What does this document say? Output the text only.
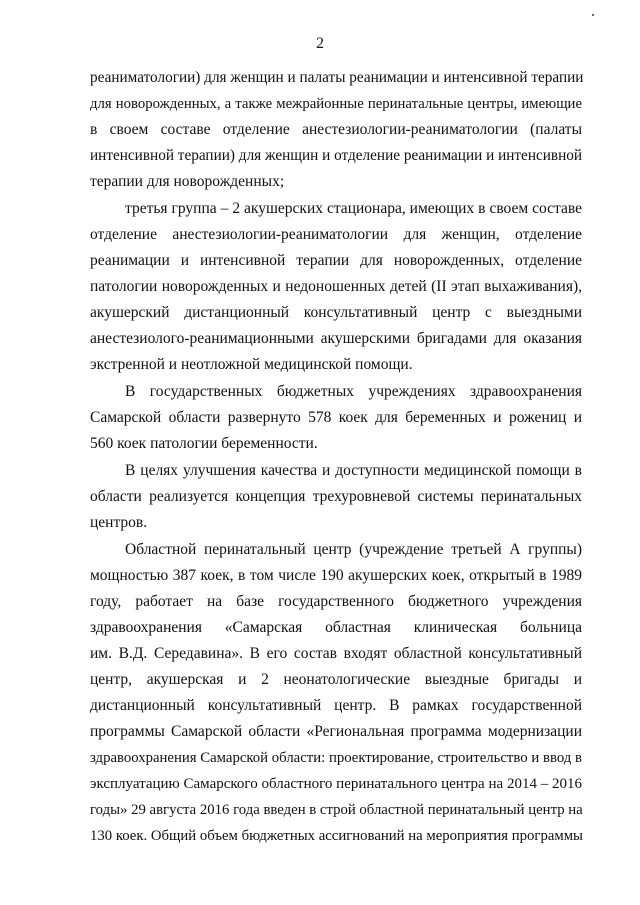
2
реаниматологии) для женщин и палаты реанимации и интенсивной терапии
для новорожденных, а также межрайонные перинатальные центры, имеющие
в своем составе отделение анестезиологии-реаниматологии (палаты
интенсивной терапии) для женщин и отделение реанимации и интенсивной
терапии для новорожденных;
третья группа – 2 акушерских стационара, имеющих в своем составе
отделение анестезиологии-реаниматологии для женщин, отделение
реанимации и интенсивной терапии для новорожденных, отделение
патологии новорожденных и недоношенных детей (II этап выхаживания),
акушерский дистанционный консультативный центр с выездными
анестезиолого-реанимационными акушерскими бригадами для оказания
экстренной и неотложной медицинской помощи.
В государственных бюджетных учреждениях здравоохранения
Самарской области развернуто 578 коек для беременных и рожениц и
560 коек патологии беременности.
В целях улучшения качества и доступности медицинской помощи в
области реализуется концепция трехуровневой системы перинатальных
центров.
Областной перинатальный центр (учреждение третьей А группы)
мощностью 387 коек, в том числе 190 акушерских коек, открытый в 1989
году, работает на базе государственного бюджетного учреждения
здравоохранения «Самарская областная клиническая больница
им. В.Д. Середавина». В его состав входят областной консультативный
центр, акушерская и 2 неонатологические выездные бригады и
дистанционный консультативный центр. В рамках государственной
программы Самарской области «Региональная программа модернизации
здравоохранения Самарской области: проектирование, строительство и ввод в
эксплуатацию Самарского областного перинатального центра на 2014 – 2016
годы» 29 августа 2016 года введен в строй областной перинатальный центр на
130 коек. Общий объем бюджетных ассигнований на мероприятия программы
